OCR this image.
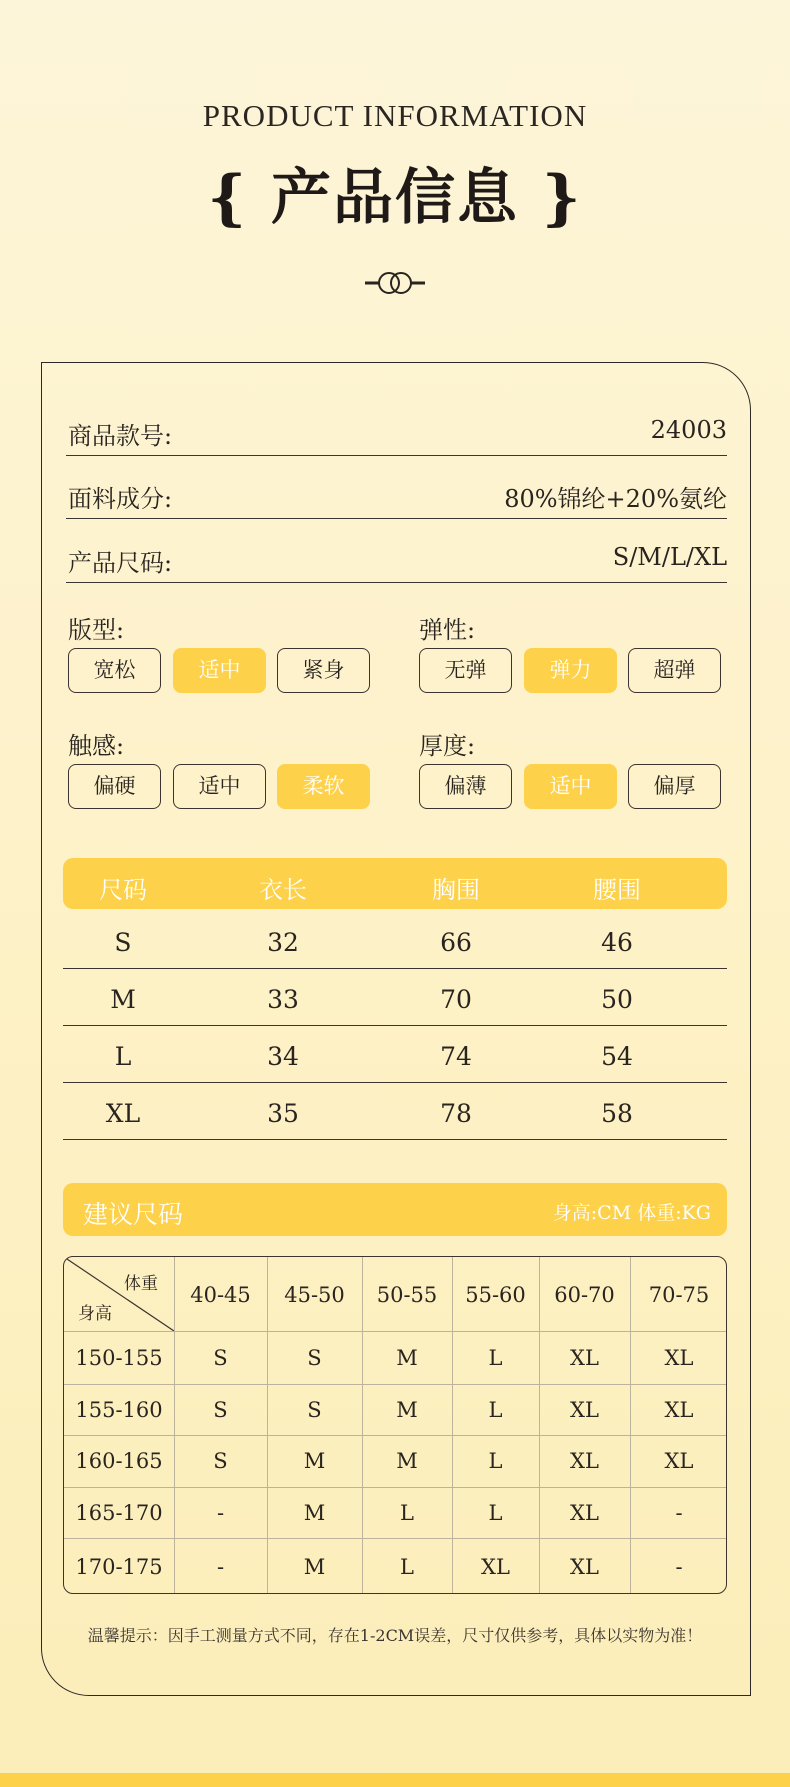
PRODUCT INFORMATION
{ 产品信息 }
商品款号:	24003
面料成分:	80%锦纶+20%氨纶
产品尺码:	S/M/L/XL
版型:
宽松	适中	紧身
弹性:
无弹	弹力	超弹
触感:
偏硬	适中	柔软
厚度:
偏薄	适中	偏厚
尺码	衣长	胸围	腰围
S	32	66	46
M	33	70	50
L	34	74	54
XL	35	78	58
建议尺码	身高:CM 体重:KG
体重
身高
40-45	45-50	50-55	55-60	60-70	70-75
150-155	S	S	M	L	XL	XL
155-160	S	S	M	L	XL	XL
160-165	S	M	M	L	XL	XL
165-170	-	M	L	L	XL	-
170-175	-	M	L	XL	XL	-
温馨提示：因手工测量方式不同，存在1-2CM误差，尺寸仅供参考，具体以实物为准！
